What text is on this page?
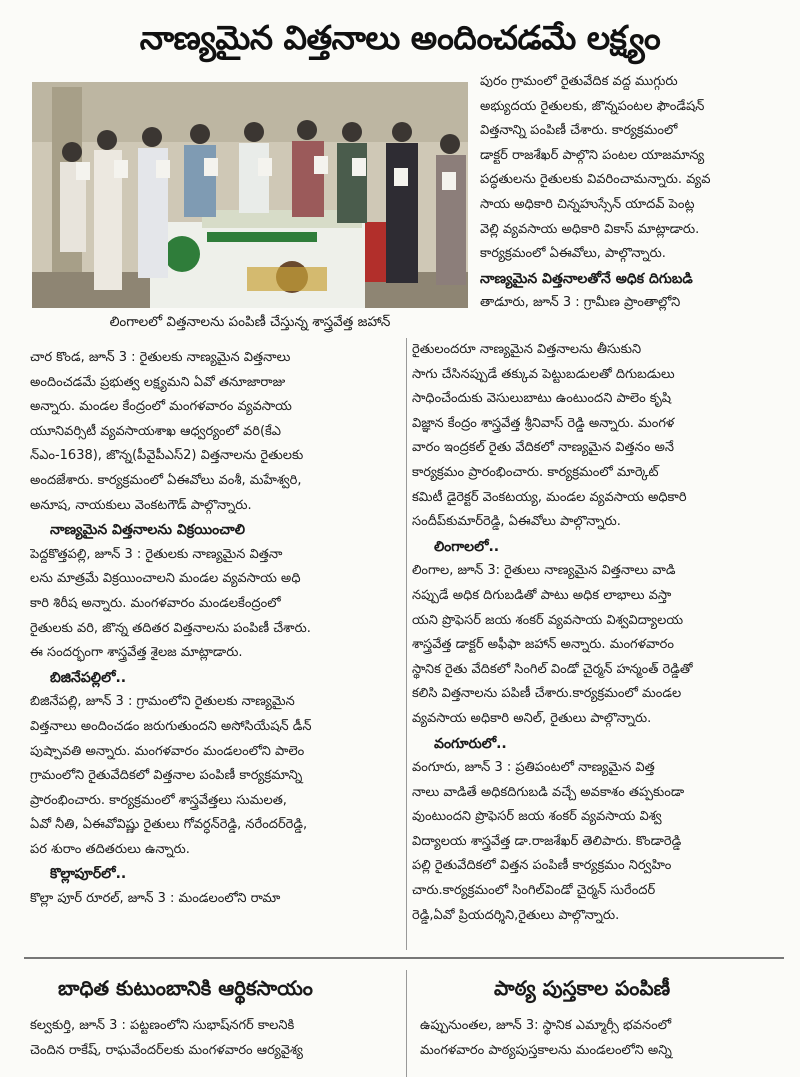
నాణ్యమైన విత్తనాలు అందించడమే లక్ష్యం
లింగాలలో విత్తనాలను పంపిణీ చేస్తున్న శాస్త్రవేత్త జహాన్
పురం గ్రామంలో రైతువేదిక వద్ద ముగ్గురు
అభ్యుదయ రైతులకు, జొన్నపంటల ఫౌండేషన్
విత్తనాన్ని పంపిణీ చేశారు. కార్యక్రమంలో
డాక్టర్ రాజశేఖర్ పాల్గొని పంటల యాజమాన్య
పద్ధతులను రైతులకు వివరించామన్నారు. వ్యవ
సాయ అధికారి చిన్నహుస్సేన్ యాదవ్ పెంట్ల
వెల్లి వ్యవసాయ అధికారి వికాస్ మాట్లాడారు.
కార్యక్రమంలో ఏఈవోలు, పాల్గొన్నారు.
నాణ్యమైన విత్తనాలతోనే అధిక దిగుబడి
తాడూరు, జూన్ 3 : గ్రామీణ ప్రాంతాల్లోని
రైతులందరూ నాణ్యమైన విత్తనాలను తీసుకుని
సాగు చేసినప్పుడే తక్కువ పెట్టుబడులతో దిగుబడులు
సాధించేందుకు వెసులుబాటు ఉంటుందని పాలెం కృషి
విజ్ఞాన కేంద్రం శాస్త్రవేత్త శ్రీనివాస్ రెడ్డి అన్నారు. మంగళ
వారం ఇంద్రకల్ రైతు వేదికలో నాణ్యమైన విత్తనం అనే
కార్యక్రమం ప్రారంభించారు. కార్యక్రమంలో మార్కెట్
కమిటీ డైరెక్టర్ వెంకటయ్య, మండల వ్యవసాయ అధికారి
సందీప్‌కుమార్‌రెడ్డి, ఏఈవోలు పాల్గొన్నారు.
లింగాలలో..
లింగాల, జూన్ 3: రైతులు నాణ్యమైన విత్తనాలు వాడి
నప్పుడే అధిక దిగుబడితో పాటు అధిక లాభాలు వస్తా
యని ప్రొఫెసర్ జయ శంకర్ వ్యవసాయ విశ్వవిద్యాలయ
శాస్త్రవేత్త డాక్టర్ అఫీఫా జహాన్ అన్నారు. మంగళవారం
స్థానిక రైతు వేదికలో సింగిల్ విండో చైర్మన్ హన్మంత్ రెడ్డితో
కలిసి విత్తనాలను పపిణీ చేశారు.కార్యక్రమంలో మండల
వ్యవసాయ అధికారి అనిల్, రైతులు పాల్గొన్నారు.
వంగూరులో..
వంగూరు, జూన్ 3 : ప్రతిపంటలో నాణ్యమైన విత్త
నాలు వాడితే అధికదిగుబడి వచ్చే అవకాశం తప్పకుండా
వుంటుందని ప్రొఫెసర్ జయ శంకర్ వ్యవసాయ విశ్వ
విద్యాలయ శాస్త్రవేత్త డా.రాజశేఖర్ తెలిపారు. కొండారెడ్డి
పల్లి రైతువేదికలో విత్తన పంపిణీ కార్యక్రమం నిర్వహిం
చారు.కార్యక్రమంలో సింగిల్‌విండో చైర్మన్ సురేందర్
రెడ్డి,ఏవో ప్రియదర్శిని,రైతులు పాల్గొన్నారు.
చార కొండ, జూన్ 3 : రైతులకు నాణ్యమైన విత్తనాలు
అందించడమే ప్రభుత్వ లక్ష్యమని ఏవో తనూజారాజు
అన్నారు. మండల కేంద్రంలో మంగళవారం వ్యవసాయ
యూనివర్సిటీ వ్యవసాయశాఖ ఆధ్వర్యంలో వరి(కేఎ
న్ఎం-1638), జొన్న(పీవైపీఎస్2) విత్తనాలను రైతులకు
అందజేశారు. కార్యక్రమంలో ఏఈవోలు వంశీ, మహేశ్వరి,
అనూష, నాయకులు వెంకటగౌడ్ పాల్గొన్నారు.
నాణ్యమైన విత్తనాలను విక్రయించాలి
పెద్దకొత్తపల్లి, జూన్ 3 : రైతులకు నాణ్యమైన విత్తనా
లను మాత్రమే విక్రయించాలని మండల వ్యవసాయ అధి
కారి శిరీష అన్నారు. మంగళవారం మండలకేంద్రంలో
రైతులకు వరి, జొన్న తదితర విత్తనాలను పంపిణీ చేశారు.
ఈ సందర్భంగా శాస్త్రవేత్త శైలజ మాట్లాడారు.
బిజినేపల్లిలో..
బిజినేపల్లి, జూన్ 3 : గ్రామంలోని రైతులకు నాణ్యమైన
విత్తనాలు అందించడం జరుగుతుందని అసోసియేషన్ డీన్
పుష్పావతి అన్నారు. మంగళవారం మండలంలోని పాలెం
గ్రామంలోని రైతువేదికలో విత్తనాల పంపిణీ కార్యక్రమాన్ని
ప్రారంభించారు. కార్యక్రమంలో శాస్త్రవేత్తలు సుమలత,
ఏవో నీతి, ఏఈవోవిష్ణు రైతులు గోవర్ధన్‌రెడ్డి, నరేందర్‌రెడ్డి,
పర శురాం తదితరులు ఉన్నారు.
కొల్లాపూర్‌లో..
కొల్లా పూర్ రూరల్, జూన్ 3 : మండలంలోని రామా
బాధిత కుటుంబానికి ఆర్థికసాయం
కల్వకుర్తి, జూన్ 3 : పట్టణంలోని సుభాష్‌నగర్ కాలనికి
చెందిన రాకేష్, రాఘవేందర్‌లకు మంగళవారం ఆర్యవైశ్య
పాఠ్య పుస్తకాల పంపిణీ
ఉప్పునుంతల, జూన్ 3: స్థానిక ఎమ్మార్సీ భవనంలో
మంగళవారం పాఠ్యపుస్తకాలను మండలంలోని అన్ని
